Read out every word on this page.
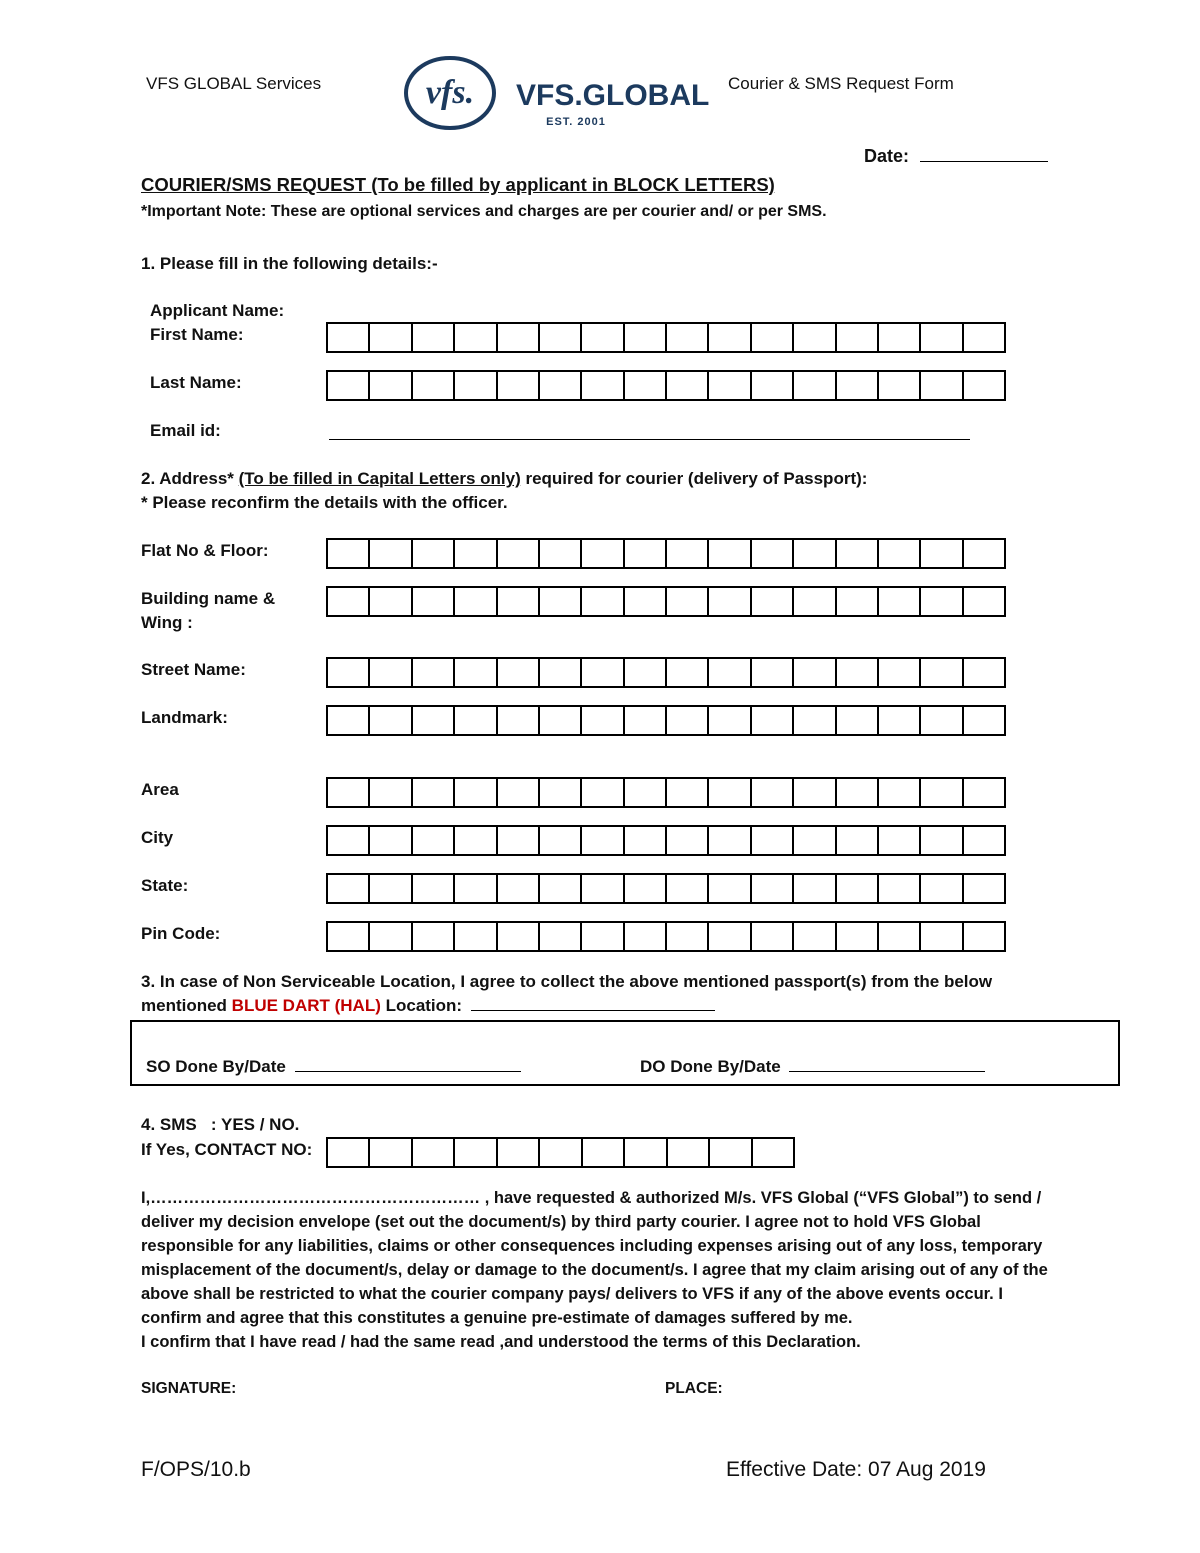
VFS GLOBAL Services	vfs. VFS.GLOBAL
EST. 2001
Courier & SMS Request Form
Date:
COURIER/SMS REQUEST (To be filled by applicant in BLOCK LETTERS)
*Important Note: These are optional services and charges are per courier and/ or per SMS.
1. Please fill in the following details:-
Applicant Name:
First Name:
Last Name:
Email id:
2. Address* (To be filled in Capital Letters only) required for courier (delivery of Passport):
* Please reconfirm the details with the officer.
Flat No & Floor:
Building name &
Wing :
Street Name:
Landmark:
Area
City
State:
Pin Code:
3. In case of Non Serviceable Location, I agree to collect the above mentioned passport(s) from the below
mentioned BLUE DART (HAL) Location:
SO Done By/Date	DO Done By/Date
4. SMS   : YES / NO.
If Yes, CONTACT NO:

I,…………………………………………………… , have requested & authorized M/s. VFS Global (“VFS Global”) to send / deliver my decision envelope (set out the document/s) by third party courier. I agree not to hold VFS Global responsible for any liabilities, claims or other consequences including expenses arising out of any loss, temporary misplacement of the document/s, delay or damage to the document/s. I agree that my claim arising out of any of the above shall be restricted to what the courier company pays/ delivers to VFS if any of the above events occur. I confirm and agree that this constitutes a genuine pre-estimate of damages suffered by me.

I confirm that I have read / had the same read ,and understood the terms of this Declaration.

SIGNATURE:	PLACE:
F/OPS/10.b	Effective Date: 07 Aug 2019
